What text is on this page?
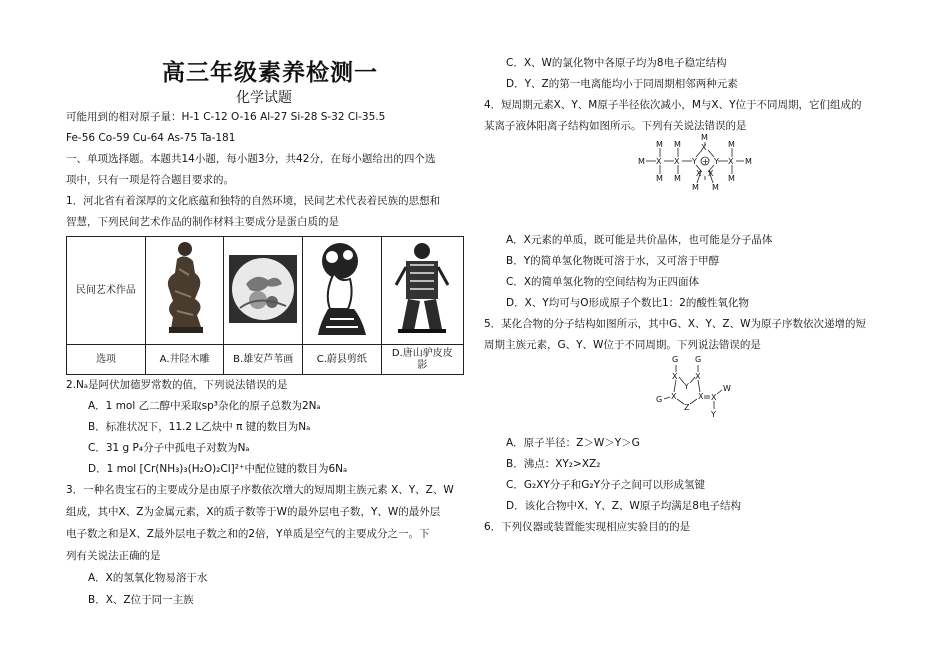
高三年级素养检测一
化学试题
可能用到的相对原子量：H-1 C-12 O-16 Al-27 Si-28 S-32 Cl-35.5
Fe-56 Co-59 Cu-64 As-75 Ta-181
一、单项选择题。本题共14小题，每小题3分，共42分，在每小题给出的四个选
项中，只有一项是符合题目要求的。
1．河北省有着深厚的文化底蕴和独特的自然环境，民间艺术代表着民族的思想和
智慧，下列民间艺术作品的制作材料主要成分是蛋白质的是
民间艺术作品				
选项	A.井陉木雕	B.雄安芦苇画	C.蔚县剪纸	D.唐山驴皮皮
影
2.Nₐ是阿伏加德罗常数的值，下列说法错误的是
A．1 mol 乙二醇中采取sp³杂化的原子总数为2Nₐ
B．标准状况下，11.2 L乙炔中 π 键的数目为Nₐ
C．31 g P₄分子中孤电子对数为Nₐ
D．1 mol [Cr(NH₃)₃(H₂O)₂Cl]²⁺中配位键的数目为6Nₐ
3．一种名贵宝石的主要成分是由原子序数依次增大的短周期主族元素 X、Y、Z、W
组成，其中X、Z为金属元素，X的质子数等于W的最外层电子数，Y、W的最外层
电子数之和是X、Z最外层电子数之和的2倍，Y单质是空气的主要成分之一。下
列有关说法正确的是
A．X的氢氧化物易溶于水
B．X、Z位于同一主族
C．X、W的氯化物中各原子均为8电子稳定结构
D．Y、Z的第一电离能均小于同周期相邻两种元素
4．短周期元素X、Y、M原子半径依次减小，M与X、Y位于不同周期，它们组成的
某离子液体阳离子结构如图所示。下列有关说法错误的是
M X X Y + Y X M
M M
M M
M
M
M
X
X X
M M
A．X元素的单质，既可能是共价晶体，也可能是分子晶体
B．Y的简单氢化物既可溶于水，又可溶于甲醇
C．X的简单氢化物的空间结构为正四面体
D．X、Y均可与O形成原子个数比1：2的酸性氧化物
5．某化合物的分子结构如图所示，其中G、X、Y、Z、W为原子序数依次递增的短
周期主族元素，G、Y、W位于不同周期。下列说法错误的是
G G
X X
Y
G X	X
Z
X
W
Y
A．原子半径：Z＞W＞Y＞G
B．沸点：XY₂>XZ₂
C．G₂XY分子和G₂Y分子之间可以形成氢键
D．该化合物中X、Y、Z、W原子均满足8电子结构
6．下列仪器或装置能实现相应实验目的的是
